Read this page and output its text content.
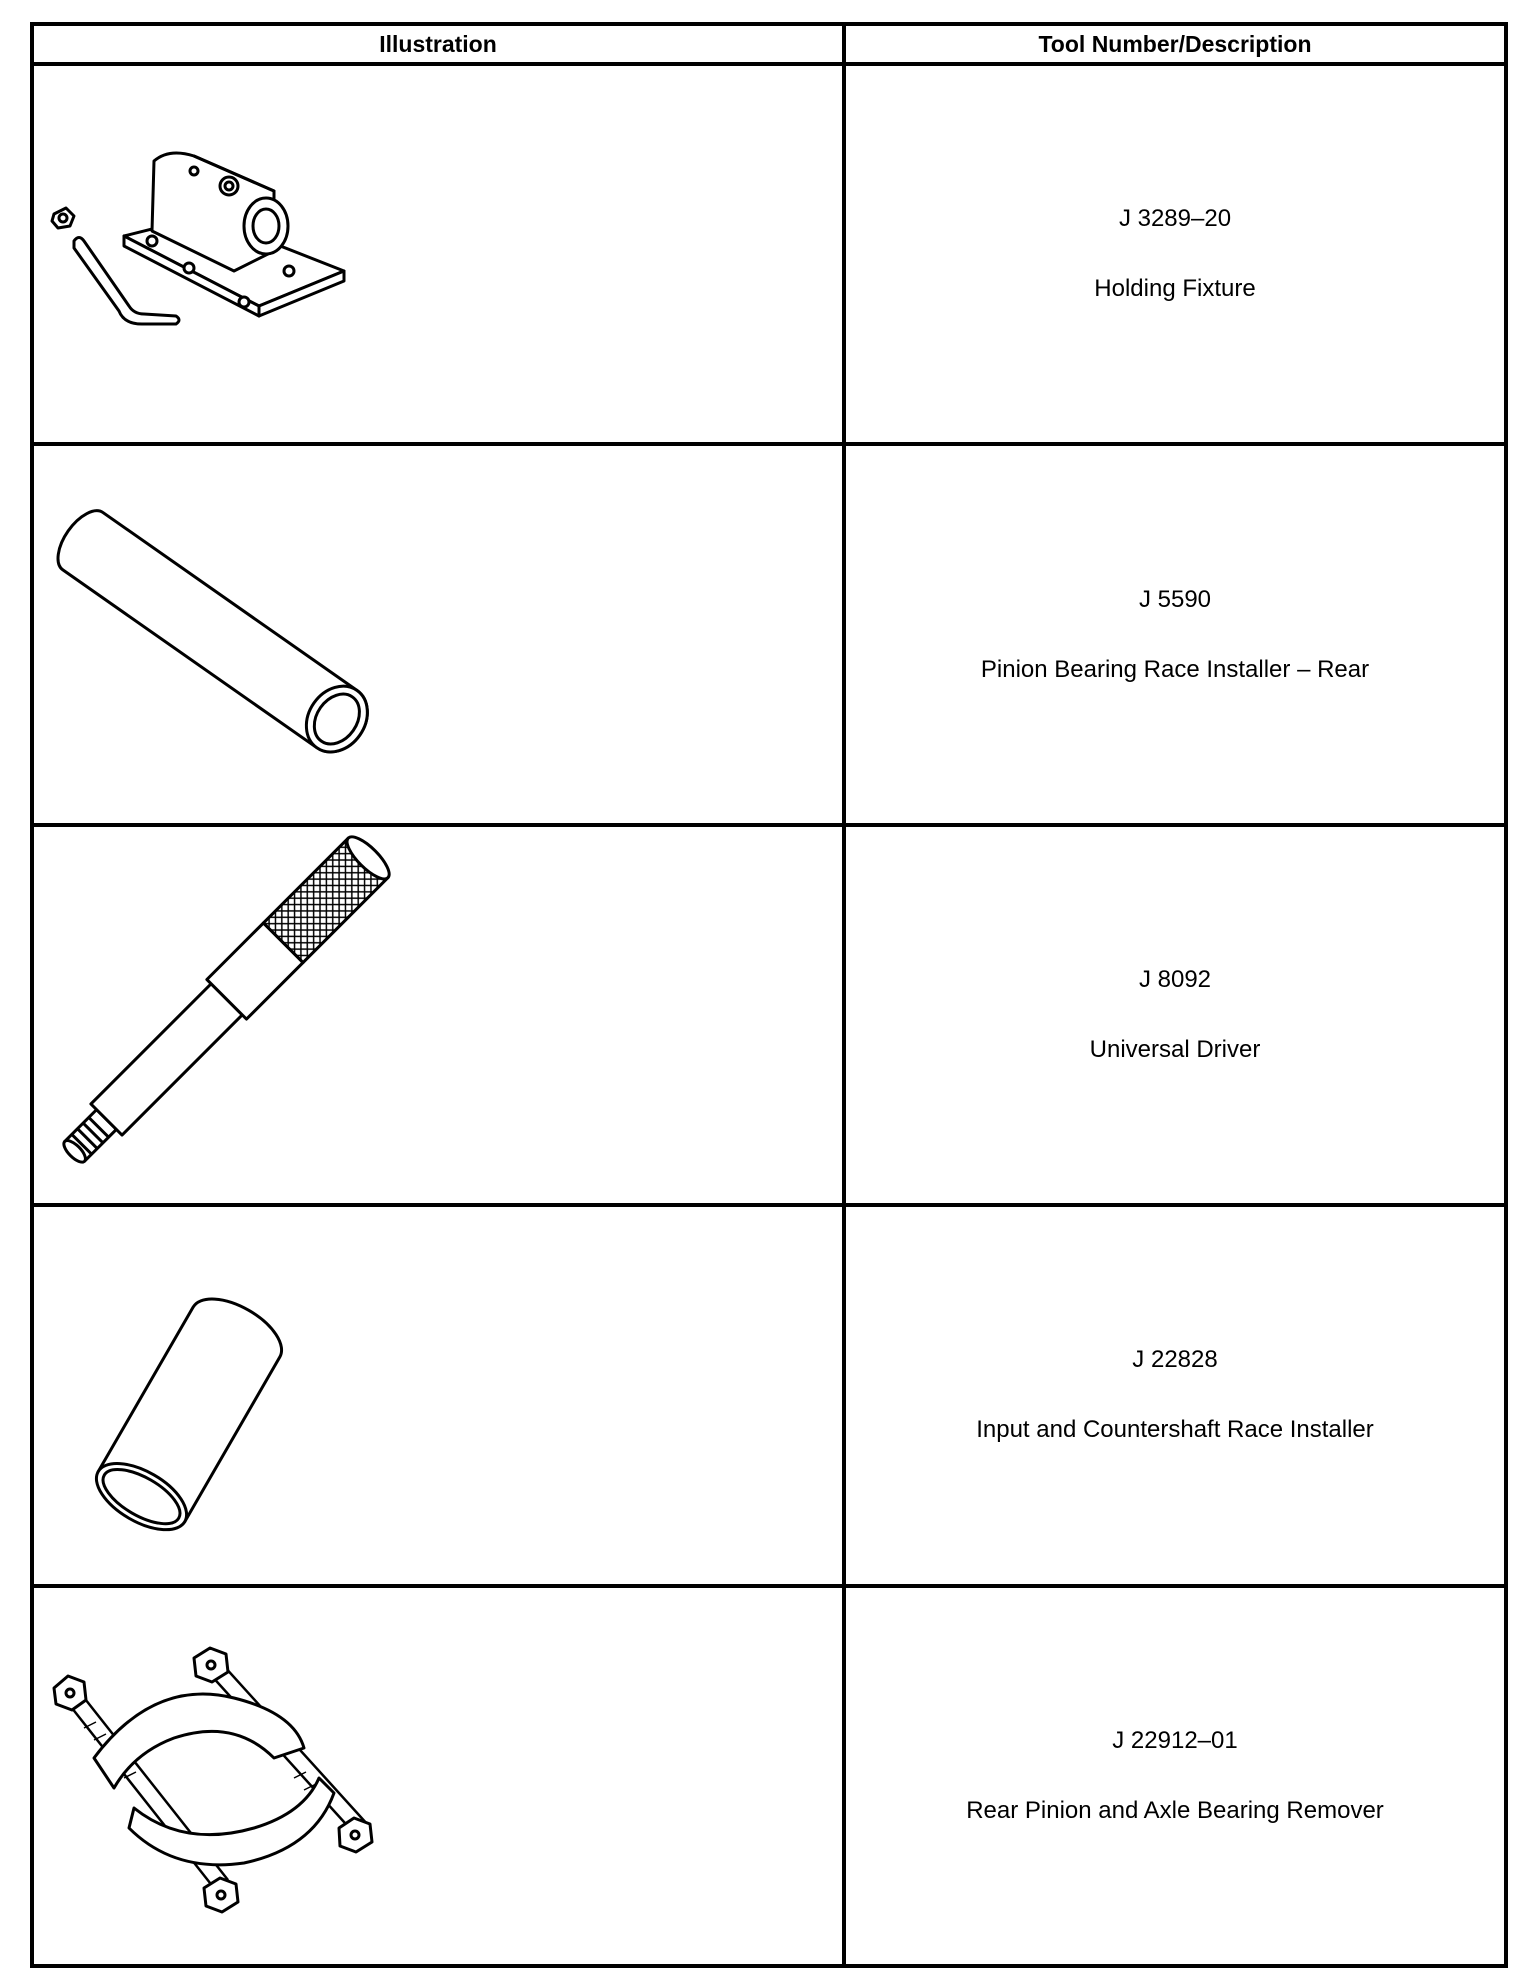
Illustration	Tool Number/Description

J 3289–20
Holding Fixture

J 5590
Pinion Bearing Race Installer – Rear

J 8092
Universal Driver

J 22828
Input and Countershaft Race Installer

J 22912–01
Rear Pinion and Axle Bearing Remover
